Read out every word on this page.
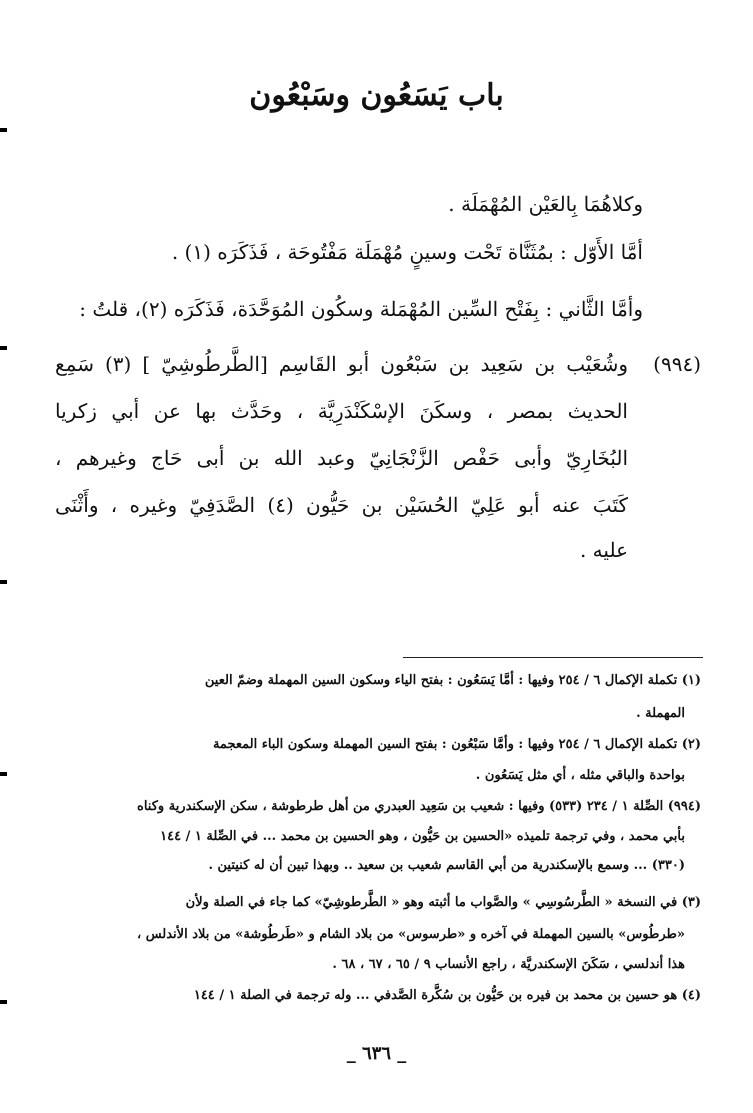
باب يَسَعُون وسَبْعُون
وكلاهُمَا بِالعَيْن المُهْمَلَة .
أمَّا الأَوّل : بمُثَنَّاة تَحْت وسينٍ مُهْمَلَة مَفْتُوحَة ، فَذَكَرَه (١) .
وأمَّا الثَّاني : بِفَتْح السِّين المُهْمَلة وسكُون المُوَحَّدَة، فَذَكَرَه (٢)، قلتُ :
(٩٩٤)
وشُعَيْب بن سَعِيد بن سَبْعُون أبو القَاسِم [الطَّرطُوشِيّ ] (٣) سَمِع
الحديث بمصر ، وسكَنَ الإسْكَنْدَرِيَّة ، وحَدَّث بها عن أبي زكريا
البُخَارِيّ وأبى حَفْص الزَّنْجَانِيّ وعبد الله بن أبى حَاج وغيرهم ،
كَتَبَ عنه أبو عَلِيّ الحُسَيْن بن حَيُّون (٤) الصَّدَفِيّ وغيره ، وأَثْنَى
عليه .
(١) تكملة الإكمال ٦ / ٢٥٤ وفيها : أمَّا يَسَعُون : بفتح الياء وسكون السين المهملة وضمّ العين
المهملة .
(٢) تكملة الإكمال ٦ / ٢٥٤ وفيها : وأمَّا سَبْعُون : بفتح السين المهملة وسكون الباء المعجمة
بواحدة والباقي مثله ، أي مثل يَسَعُون .
(٩٩٤) الصِّلة ١ / ٢٣٤ (٥٣٣) وفيها : شعيب بن سَعِيد العبدري من أهل طرطوشة ، سكن الإسكندرية وكناه
بأبي محمد ، وفي ترجمة تلميذه «الحسين بن حَيُّون ، وهو الحسين بن محمد ... في الصِّلة ١ / ١٤٤
(٣٣٠) ... وسمع بالإسكندرية من أبي القاسم شعيب بن سعيد .. وبهذا تبين أن له كنيتين .
(٣) في النسخة « الطَّرسُوسِي » والصَّواب ما أثبته وهو « الطَّرطوشِيّ» كما جاء في الصلة ولأن
«طرطُوس» بالسين المهملة في آخره و «طرسوس» من بلاد الشام و «طَرطُوشة» من بلاد الأندلس ،
هذا أندلسي ، سَكَنَ الإسكندريَّة ، راجع الأنساب ٩ / ٦٥ ، ٦٧ ، ٦٨ .
(٤) هو حسين بن محمد بن فيره بن حَيُّون بن سُكَّرة الصَّدفي ... وله ترجمة في الصلة ١ / ١٤٤
_ ٦٣٦ _
